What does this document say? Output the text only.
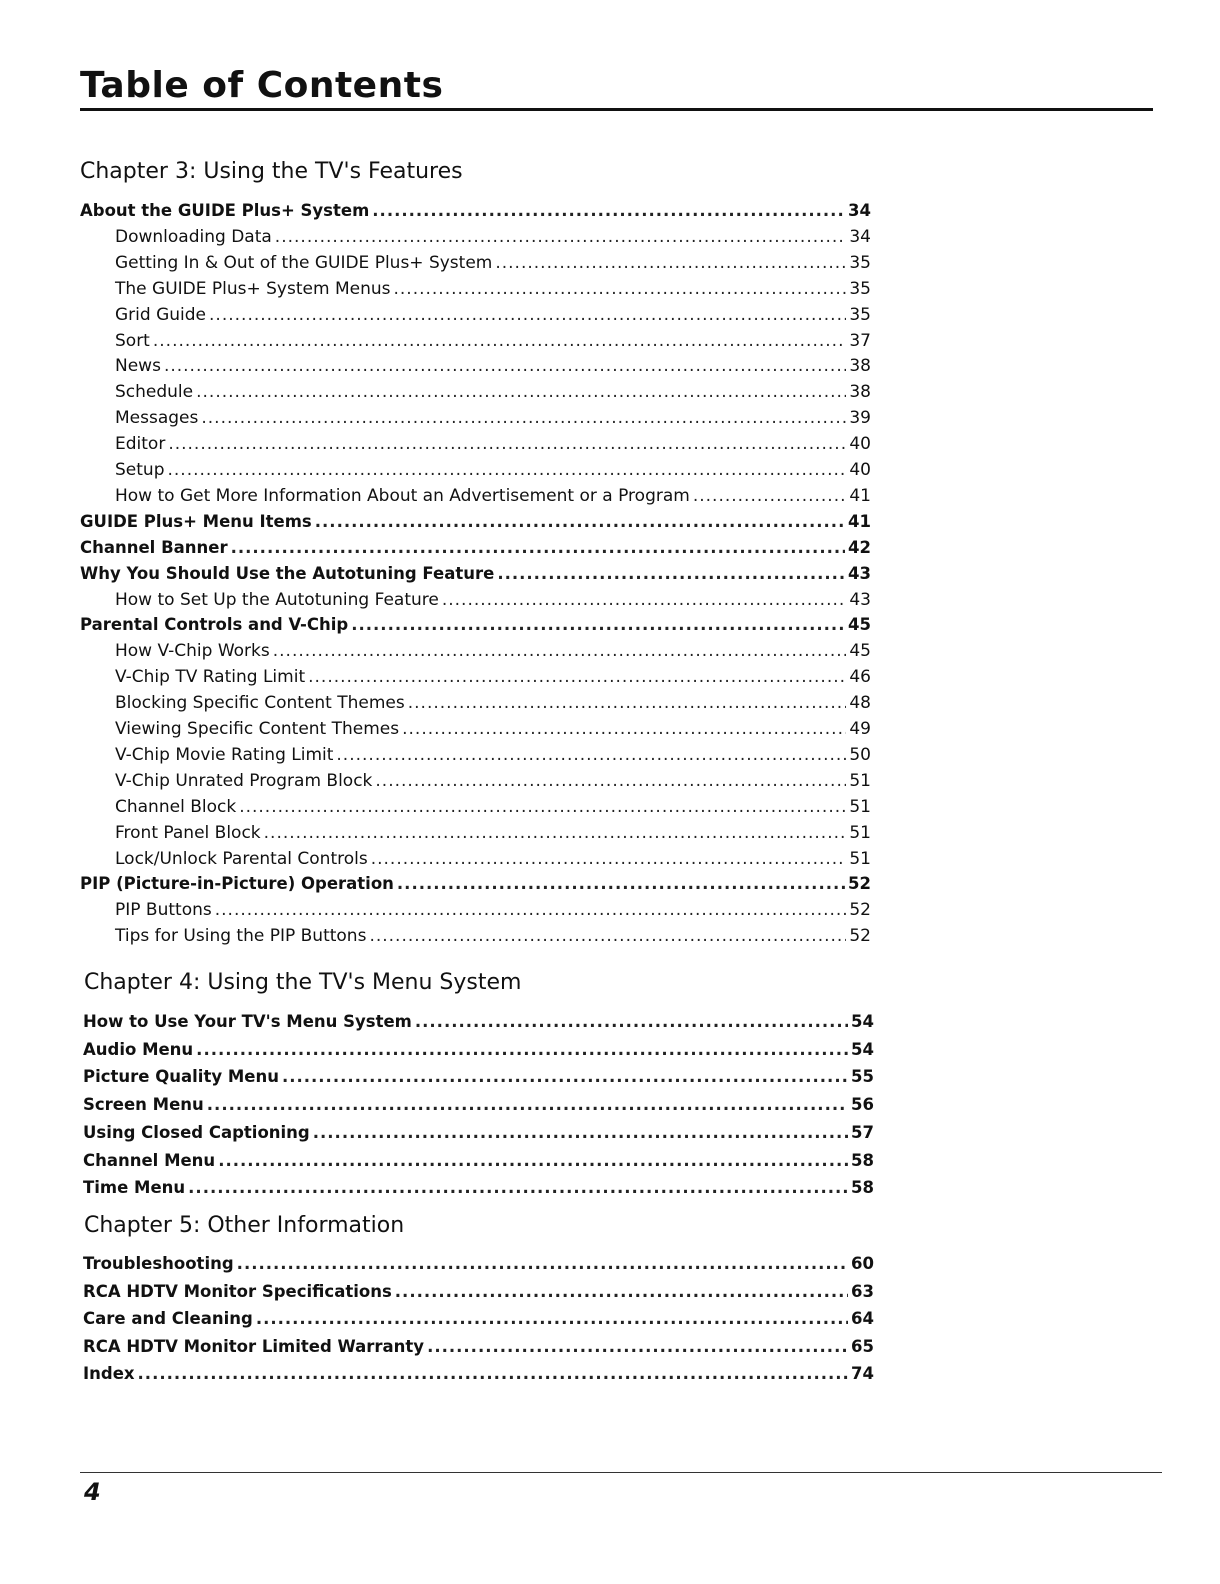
Table of Contents
Chapter 3: Using the TV's Features
About the GUIDE Plus+ System .....	34
Downloading Data .....	34
Getting In & Out of the GUIDE Plus+ System .....	35
The GUIDE Plus+ System Menus .....	35
Grid Guide .....	35
Sort .....	37
News .....	38
Schedule .....	38
Messages .....	39
Editor .....	40
Setup .....	40
How to Get More Information About an Advertisement or a Program .....	41
GUIDE Plus+ Menu Items .....	41
Channel Banner .....	42
Why You Should Use the Autotuning Feature .....	43
How to Set Up the Autotuning Feature .....	43
Parental Controls and V-Chip .....	45
How V-Chip Works .....	45
V-Chip TV Rating Limit .....	46
Blocking Specific Content Themes .....	48
Viewing Specific Content Themes .....	49
V-Chip Movie Rating Limit .....	50
V-Chip Unrated Program Block .....	51
Channel Block .....	51
Front Panel Block .....	51
Lock/Unlock Parental Controls .....	51
PIP (Picture-in-Picture) Operation .....	52
PIP Buttons .....	52
Tips for Using the PIP Buttons .....	52
Chapter 4: Using the TV's Menu System
How to Use Your TV's Menu System .....	54
Audio Menu .....	54
Picture Quality Menu .....	55
Screen Menu .....	56
Using Closed Captioning .....	57
Channel Menu .....	58
Time Menu .....	58
Chapter 5: Other Information
Troubleshooting .....	60
RCA HDTV Monitor Specifications .....	63
Care and Cleaning .....	64
RCA HDTV Monitor Limited Warranty .....	65
Index .....	74
4
